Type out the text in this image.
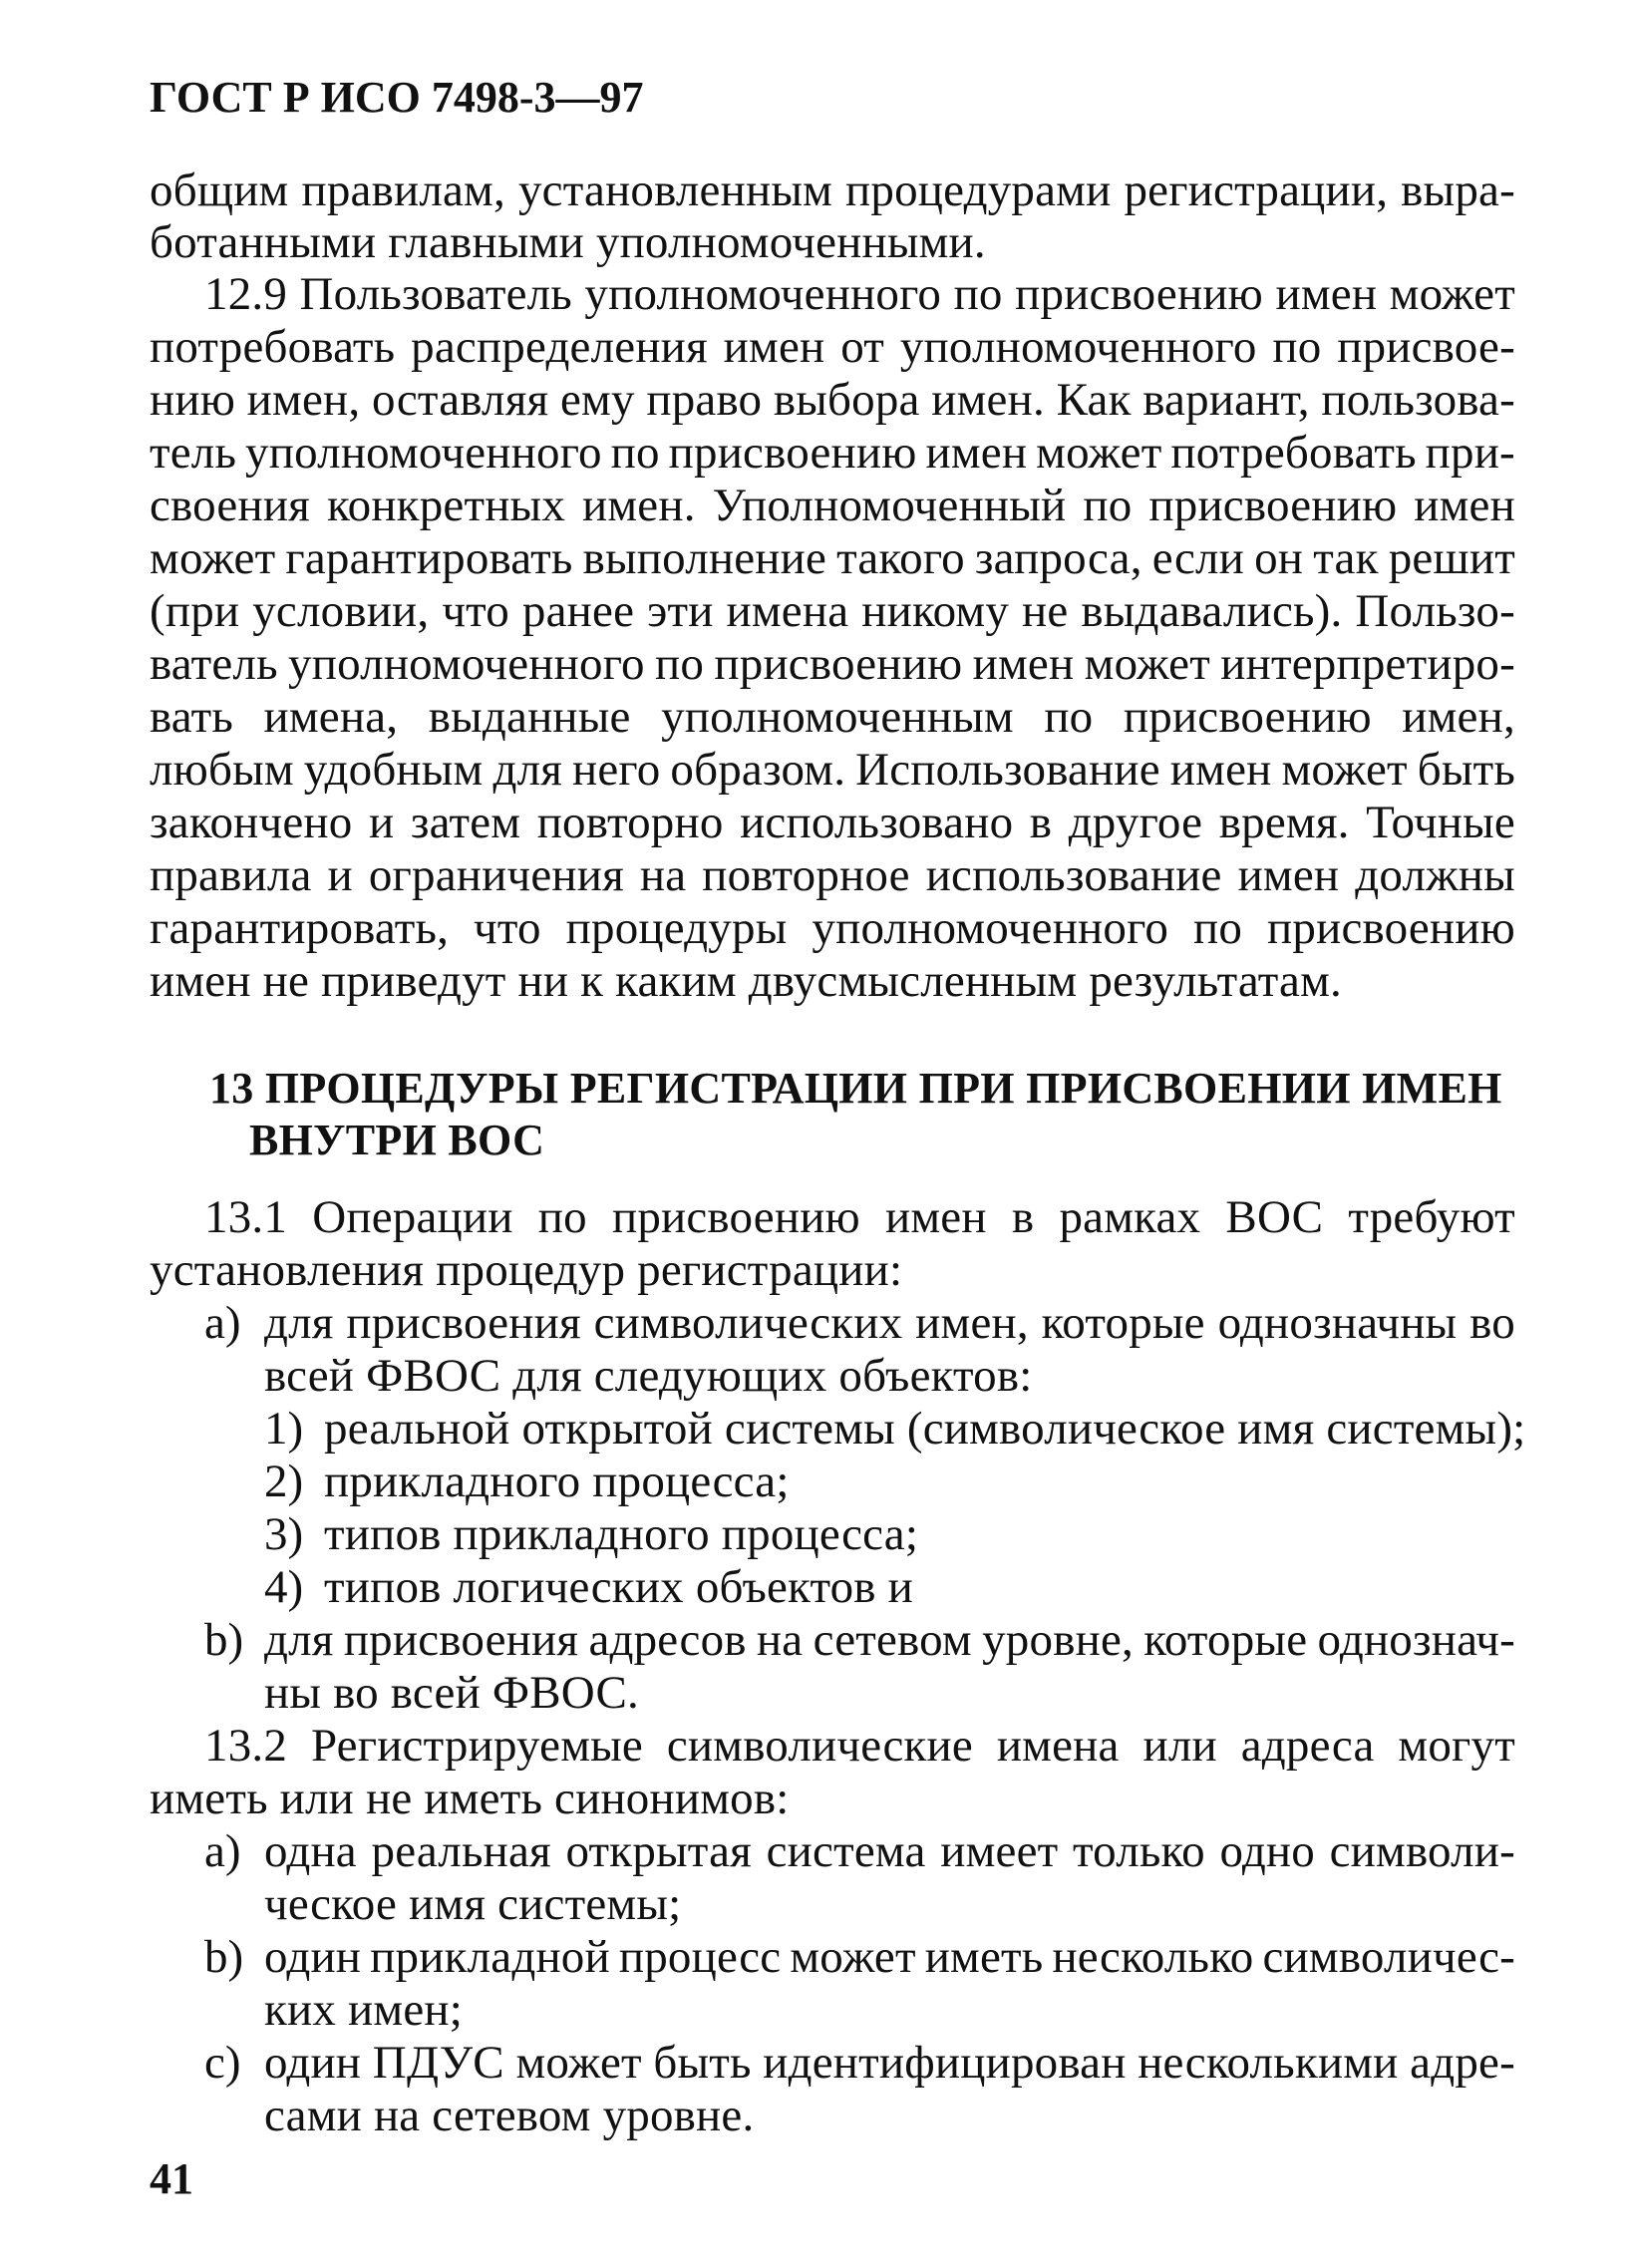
ГОСТ Р ИСО 7498-3—97
общим правилам, установленным процедурами регистрации, выра-
ботанными главными уполномоченными.
12.9 Пользователь уполномоченного по присвоению имен может
потребовать распределения имен от уполномоченного по присвое-
нию имен, оставляя ему право выбора имен. Как вариант, пользова-
тель уполномоченного по присвоению имен может потребовать при-
своения конкретных имен. Уполномоченный по присвоению имен
может гарантировать выполнение такого запроса, если он так решит
(при условии, что ранее эти имена никому не выдавались). Пользо-
ватель уполномоченного по присвоению имен может интерпретиро-
вать имена, выданные уполномоченным по присвоению имен,
любым удобным для него образом. Использование имен может быть
закончено и затем повторно использовано в другое время. Точные
правила и ограничения на повторное использование имен должны
гарантировать, что процедуры уполномоченного по присвоению
имен не приведут ни к каким двусмысленным результатам.
13 ПРОЦЕДУРЫ РЕГИСТРАЦИИ ПРИ ПРИСВОЕНИИ ИМЕН
ВНУТРИ ВОС
13.1 Операции по присвоению имен в рамках ВОС требуют
установления процедур регистрации:
а) для присвоения символических имен, которые однозначны во
всей ФВОС для следующих объектов:
1) реальной открытой системы (символическое имя системы);
2) прикладного процесса;
3) типов прикладного процесса;
4) типов логических объектов и
b) для присвоения адресов на сетевом уровне, которые однознач-
ны во всей ФВОС.
13.2 Регистрируемые символические имена или адреса могут
иметь или не иметь синонимов:
а) одна реальная открытая система имеет только одно символи-
ческое имя системы;
b) один прикладной процесс может иметь несколько символичес-
ких имен;
с) один ПДУС может быть идентифицирован несколькими адре-
сами на сетевом уровне.
41
